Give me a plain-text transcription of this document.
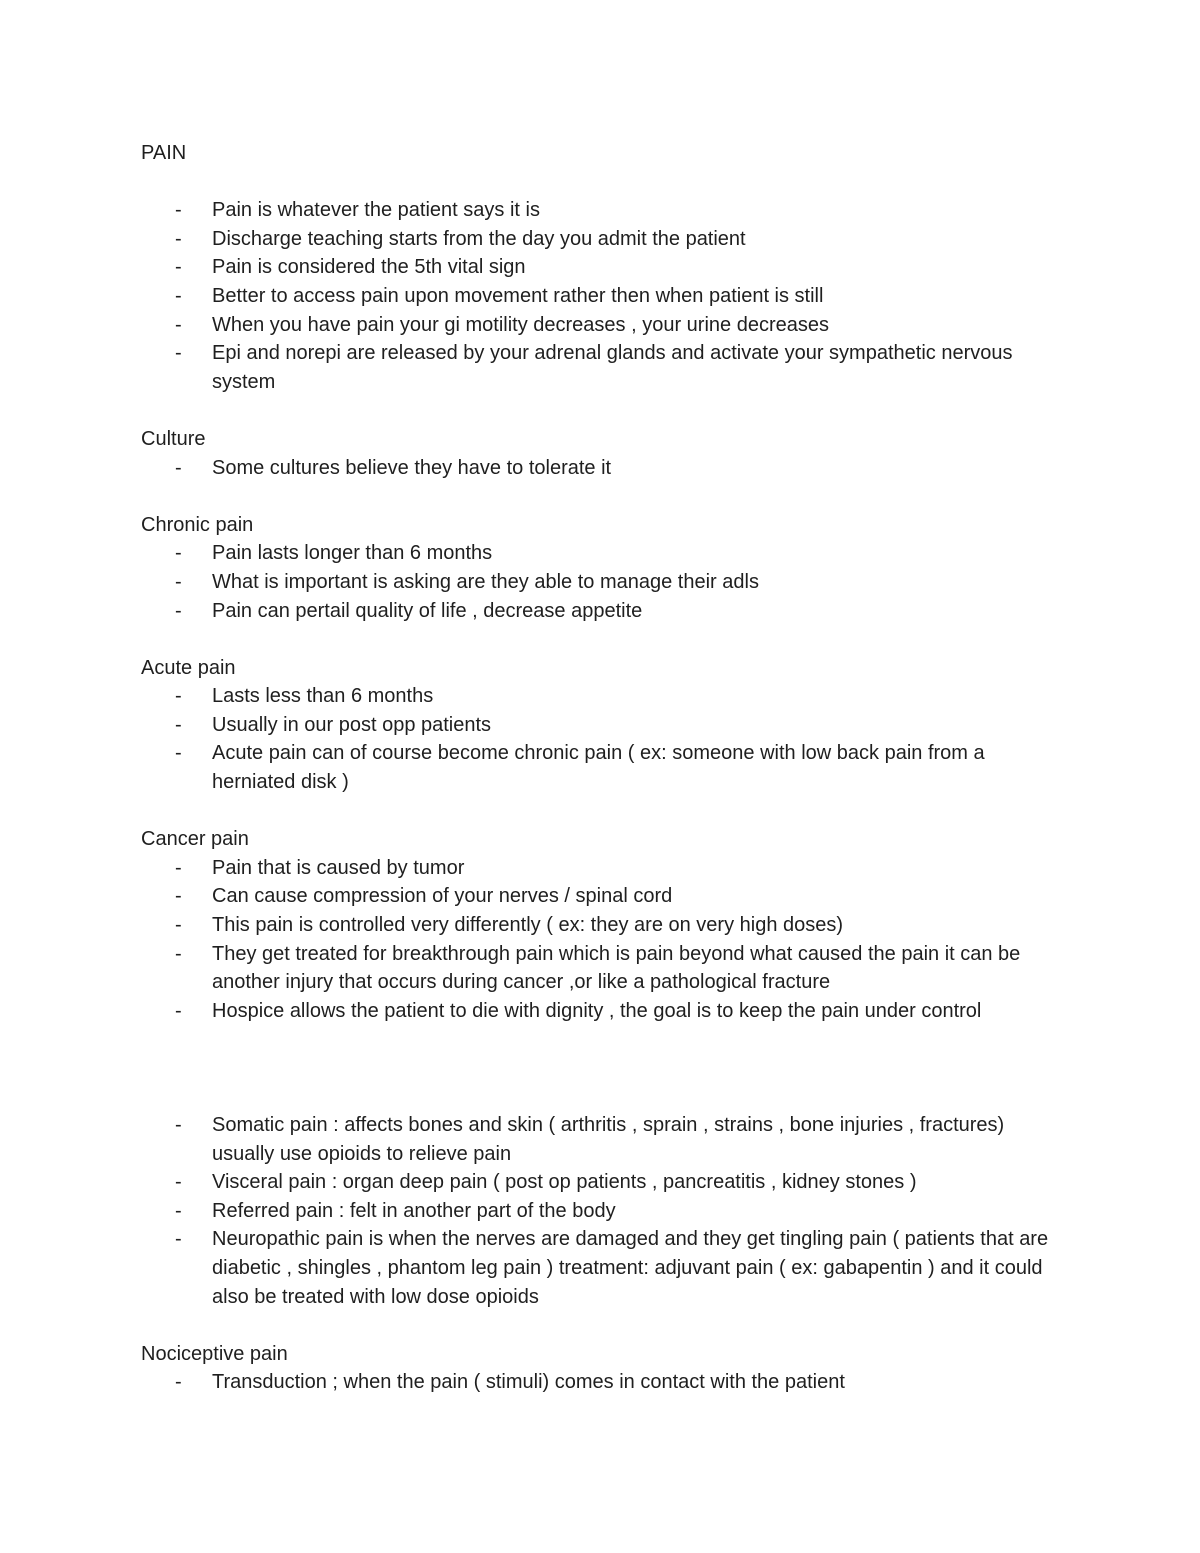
PAIN
- Pain is whatever the patient says it is
- Discharge teaching starts from the day you admit the patient
- Pain is considered the 5th vital sign
- Better to access pain upon movement rather then when patient is still
- When you have pain your gi motility decreases , your urine decreases
- Epi and norepi are released by your adrenal glands and activate your sympathetic nervous system
Culture
- Some cultures believe they have to tolerate it
Chronic pain
- Pain lasts longer than 6 months
- What is important is asking are they able to manage their adls
- Pain can pertail quality of life , decrease appetite
Acute pain
- Lasts less than 6 months
- Usually in our post opp patients
- Acute pain can of course become chronic pain ( ex: someone with low back pain from a herniated disk )
Cancer pain
- Pain that is caused by tumor
- Can cause compression of your nerves / spinal cord
- This pain is controlled very differently ( ex: they are on very high doses)
- They get treated for breakthrough pain which is pain beyond what caused the pain it can be another injury that occurs during cancer ,or like a pathological fracture
- Hospice allows the patient to die with dignity , the goal is to keep the pain under control
- Somatic pain : affects bones and skin ( arthritis , sprain , strains , bone injuries , fractures) usually use opioids to relieve pain
- Visceral pain : organ deep pain ( post op patients , pancreatitis , kidney stones )
- Referred pain : felt in another part of the body
- Neuropathic pain is when the nerves are damaged and they get tingling pain ( patients that are diabetic , shingles , phantom leg pain ) treatment: adjuvant pain ( ex: gabapentin ) and it could also be treated with low dose opioids
Nociceptive pain
- Transduction ; when the pain ( stimuli) comes in contact with the patient
